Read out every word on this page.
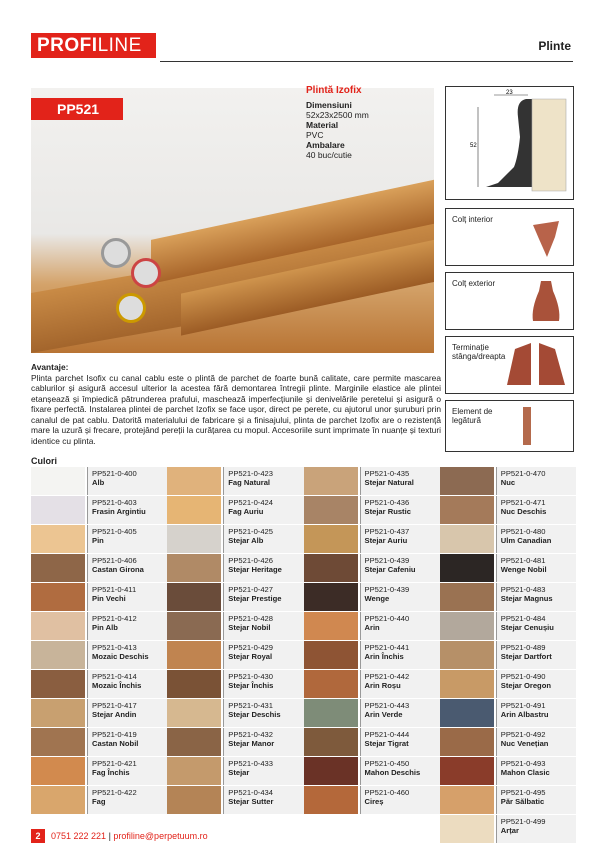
PROFILINE	Plinte
PP521
Plintă Izofix
Dimensiuni
52x23x2500 mm
Material
PVC
Ambalare
40 buc/cutie
23
52
Colț interior
Colț exterior
Terminație stânga/dreapta
Element de legătură
Avantaje:
Plinta parchet Isofix cu canal cablu este o plintă de parchet de foarte bună calitate, care permite mascarea cablurilor și asigură accesul ulterior la acestea fără demontarea întregii plinte. Marginile elastice ale plintei etanșează și împiedică pătrunderea prafului, maschează imperfecțiunile și denivelările peretelui și asigură o fixare perfectă. Instalarea plintei de parchet Izofix se face ușor, direct pe perete, cu ajutorul unor șuruburi prin canalul de pat cablu. Datorită materialului de fabricare și a finisajului, plinta de parchet Izofix are o rezistență mare la uzură și frecare, protejând pereții la curățarea cu mopul. Accesoriile sunt imprimate în nuanțe și texturi identice cu plinta.
Culori
PP521-0-400
Alb
PP521-0-423
Fag Natural
PP521-0-435
Stejar Natural
PP521-0-470
Nuc
PP521-0-403
Frasin Argintiu
PP521-0-424
Fag Auriu
PP521-0-436
Stejar Rustic
PP521-0-471
Nuc Deschis
PP521-0-405
Pin
PP521-0-425
Stejar Alb
PP521-0-437
Stejar Auriu
PP521-0-480
Ulm Canadian
PP521-0-406
Castan Girona
PP521-0-426
Stejar Heritage
PP521-0-439
Stejar Cafeniu
PP521-0-481
Wenge Nobil
PP521-0-411
Pin Vechi
PP521-0-427
Stejar Prestige
PP521-0-439
Wenge
PP521-0-483
Stejar Magnus
PP521-0-412
Pin Alb
PP521-0-428
Stejar Nobil
PP521-0-440
Arin
PP521-0-484
Stejar Cenușiu
PP521-0-413
Mozaic Deschis
PP521-0-429
Stejar Royal
PP521-0-441
Arin Închis
PP521-0-489
Stejar Dartfort
PP521-0-414
Mozaic Închis
PP521-0-430
Stejar Închis
PP521-0-442
Arin Roșu
PP521-0-490
Stejar Oregon
PP521-0-417
Stejar Andin
PP521-0-431
Stejar Deschis
PP521-0-443
Arin Verde
PP521-0-491
Arin Albastru
PP521-0-419
Castan Nobil
PP521-0-432
Stejar Manor
PP521-0-444
Stejar Tigrat
PP521-0-492
Nuc Venețian
PP521-0-421
Fag Închis
PP521-0-433
Stejar
PP521-0-450
Mahon Deschis
PP521-0-493
Mahon Clasic
PP521-0-422
Fag
PP521-0-434
Stejar Sutter
PP521-0-460
Cireș
PP521-0-495
Păr Sălbatic
PP521-0-499
Arțar
2 0751 222 221 | profiline@perpetuum.ro
